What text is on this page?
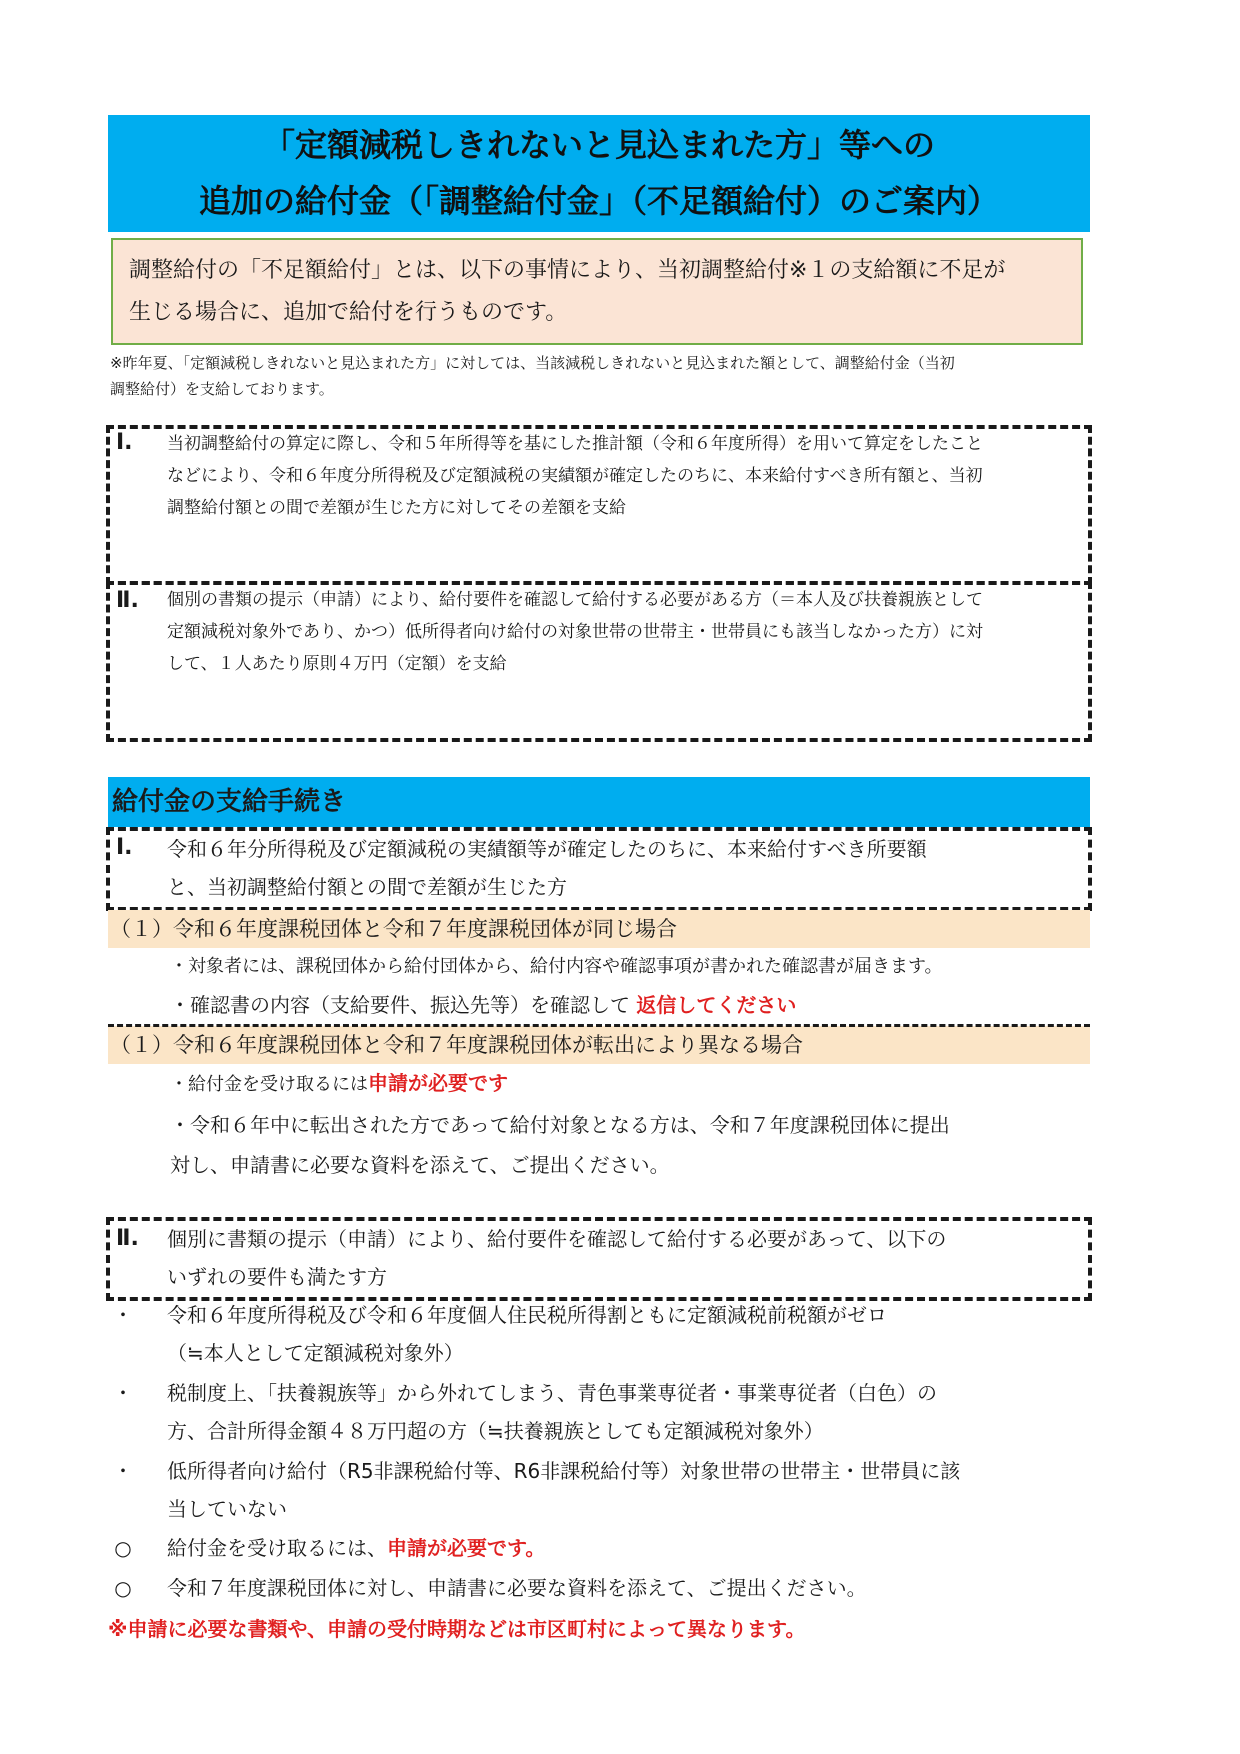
「定額減税しきれないと見込まれた方」等への
追加の給付金（「調整給付金」（不足額給付）のご案内）
調整給付の「不足額給付」とは、以下の事情により、当初調整給付※１の支給額に不足が
生じる場合に、追加で給付を行うものです。
※昨年夏、「定額減税しきれないと見込まれた方」に対しては、当該減税しきれないと見込まれた額として、調整給付金（当初
調整給付）を支給しております。
Ⅰ. 当初調整給付の算定に際し、令和５年所得等を基にした推計額（令和６年度所得）を用いて算定をしたこと
などにより、令和６年度分所得税及び定額減税の実績額が確定したのちに、本来給付すべき所有額と、当初
調整給付額との間で差額が生じた方に対してその差額を支給
Ⅱ. 個別の書類の提示（申請）により、給付要件を確認して給付する必要がある方（＝本人及び扶養親族として
定額減税対象外であり、かつ）低所得者向け給付の対象世帯の世帯主・世帯員にも該当しなかった方）に対
して、１人あたり原則４万円（定額）を支給
給付金の支給手続き
Ⅰ. 令和６年分所得税及び定額減税の実績額等が確定したのちに、本来給付すべき所要額
と、当初調整給付額との間で差額が生じた方
（１）令和６年度課税団体と令和７年度課税団体が同じ場合
・対象者には、課税団体から給付団体から、給付内容や確認事項が書かれた確認書が届きます。
・確認書の内容（支給要件、振込先等）を確認して 返信してください
（１）令和６年度課税団体と令和７年度課税団体が転出により異なる場合
・給付金を受け取るには申請が必要です
・令和６年中に転出された方であって給付対象となる方は、令和７年度課税団体に提出
対し、申請書に必要な資料を添えて、ご提出ください。
Ⅱ. 個別に書類の提示（申請）により、給付要件を確認して給付する必要があって、以下の
いずれの要件も満たす方
・ 令和６年度所得税及び令和６年度個人住民税所得割ともに定額減税前税額がゼロ
（≒本人として定額減税対象外）
・ 税制度上、「扶養親族等」から外れてしまう、青色事業専従者・事業専従者（白色）の
方、合計所得金額４８万円超の方（≒扶養親族としても定額減税対象外）
・ 低所得者向け給付（R5非課税給付等、R6非課税給付等）対象世帯の世帯主・世帯員に該
当していない
○	給付金を受け取るには、申請が必要です。
○	令和７年度課税団体に対し、申請書に必要な資料を添えて、ご提出ください。
※申請に必要な書類や、申請の受付時期などは市区町村によって異なります。
